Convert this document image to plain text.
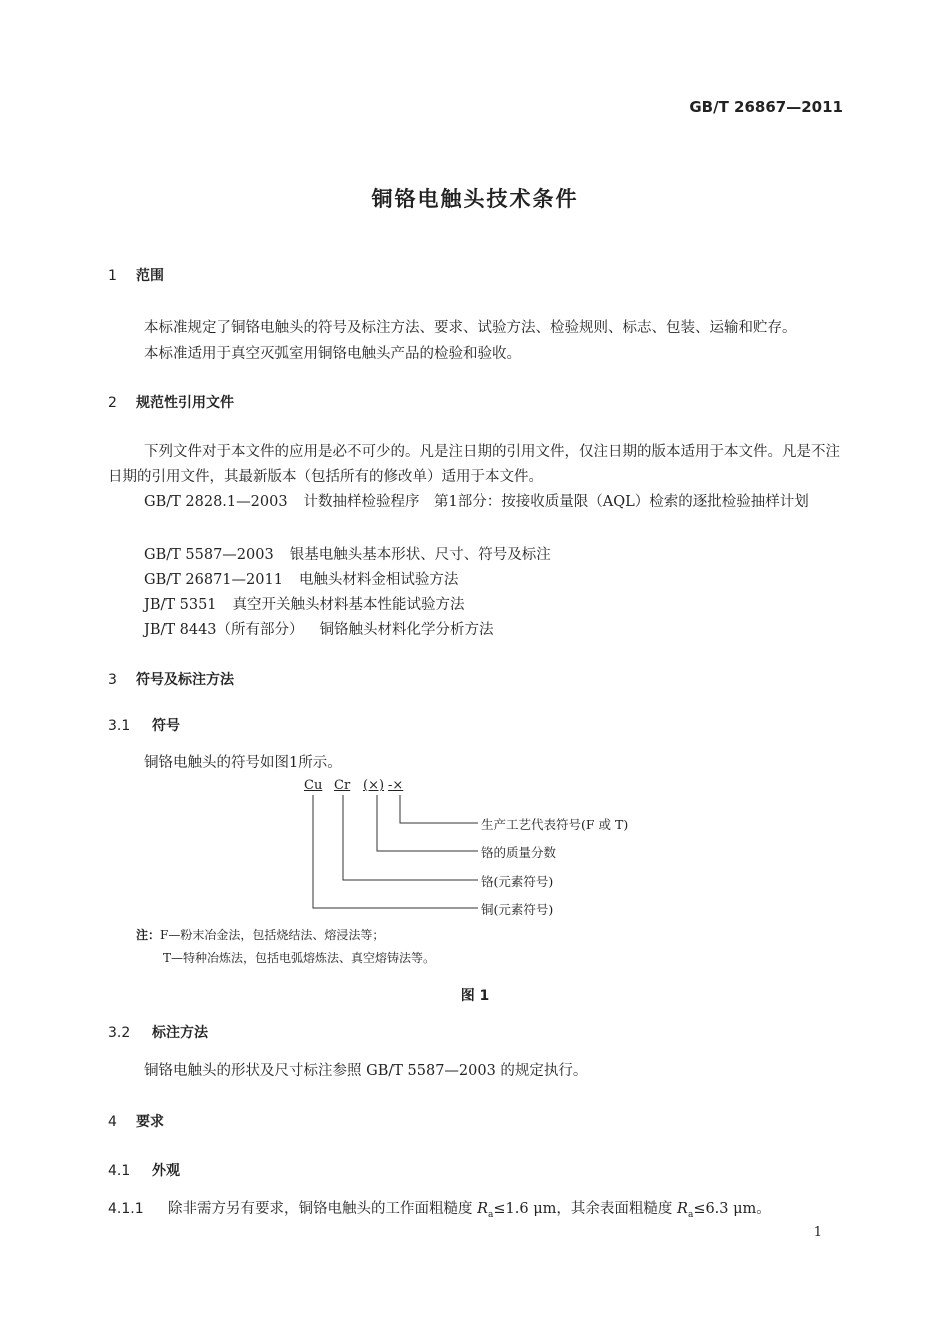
GB/T 26867—2011
铜铬电触头技术条件
1 范围
本标准规定了铜铬电触头的符号及标注方法、要求、试验方法、检验规则、标志、包装、运输和贮存。
本标准适用于真空灭弧室用铜铬电触头产品的检验和验收。
2 规范性引用文件
下列文件对于本文件的应用是必不可少的。凡是注日期的引用文件，仅注日期的版本适用于本文件。凡是不注日期的引用文件，其最新版本（包括所有的修改单）适用于本文件。
GB/T 2828.1—2003 计数抽样检验程序　第1部分：按接收质量限（AQL）检索的逐批检验抽样计划
GB/T 5587—2003 银基电触头基本形状、尺寸、符号及标注
GB/T 26871—2011 电触头材料金相试验方法
JB/T 5351 真空开关触头材料基本性能试验方法
JB/T 8443（所有部分） 铜铬触头材料化学分析方法
3 符号及标注方法
3.1 符号
铜铬电触头的符号如图1所示。
Cu Cr (×) -×
生产工艺代表符号(F 或 T)
铬的质量分数
铬(元素符号)
铜(元素符号)
注：F—粉末冶金法，包括烧结法、熔浸法等；
T—特种冶炼法，包括电弧熔炼法、真空熔铸法等。
图 1
3.2 标注方法
铜铬电触头的形状及尺寸标注参照 GB/T 5587—2003 的规定执行。
4 要求
4.1 外观
4.1.1 除非需方另有要求，铜铬电触头的工作面粗糙度 $R_a\le 1.6$ μm，其余表面粗糙度 $R_a\le 6.3$ μm。
1
